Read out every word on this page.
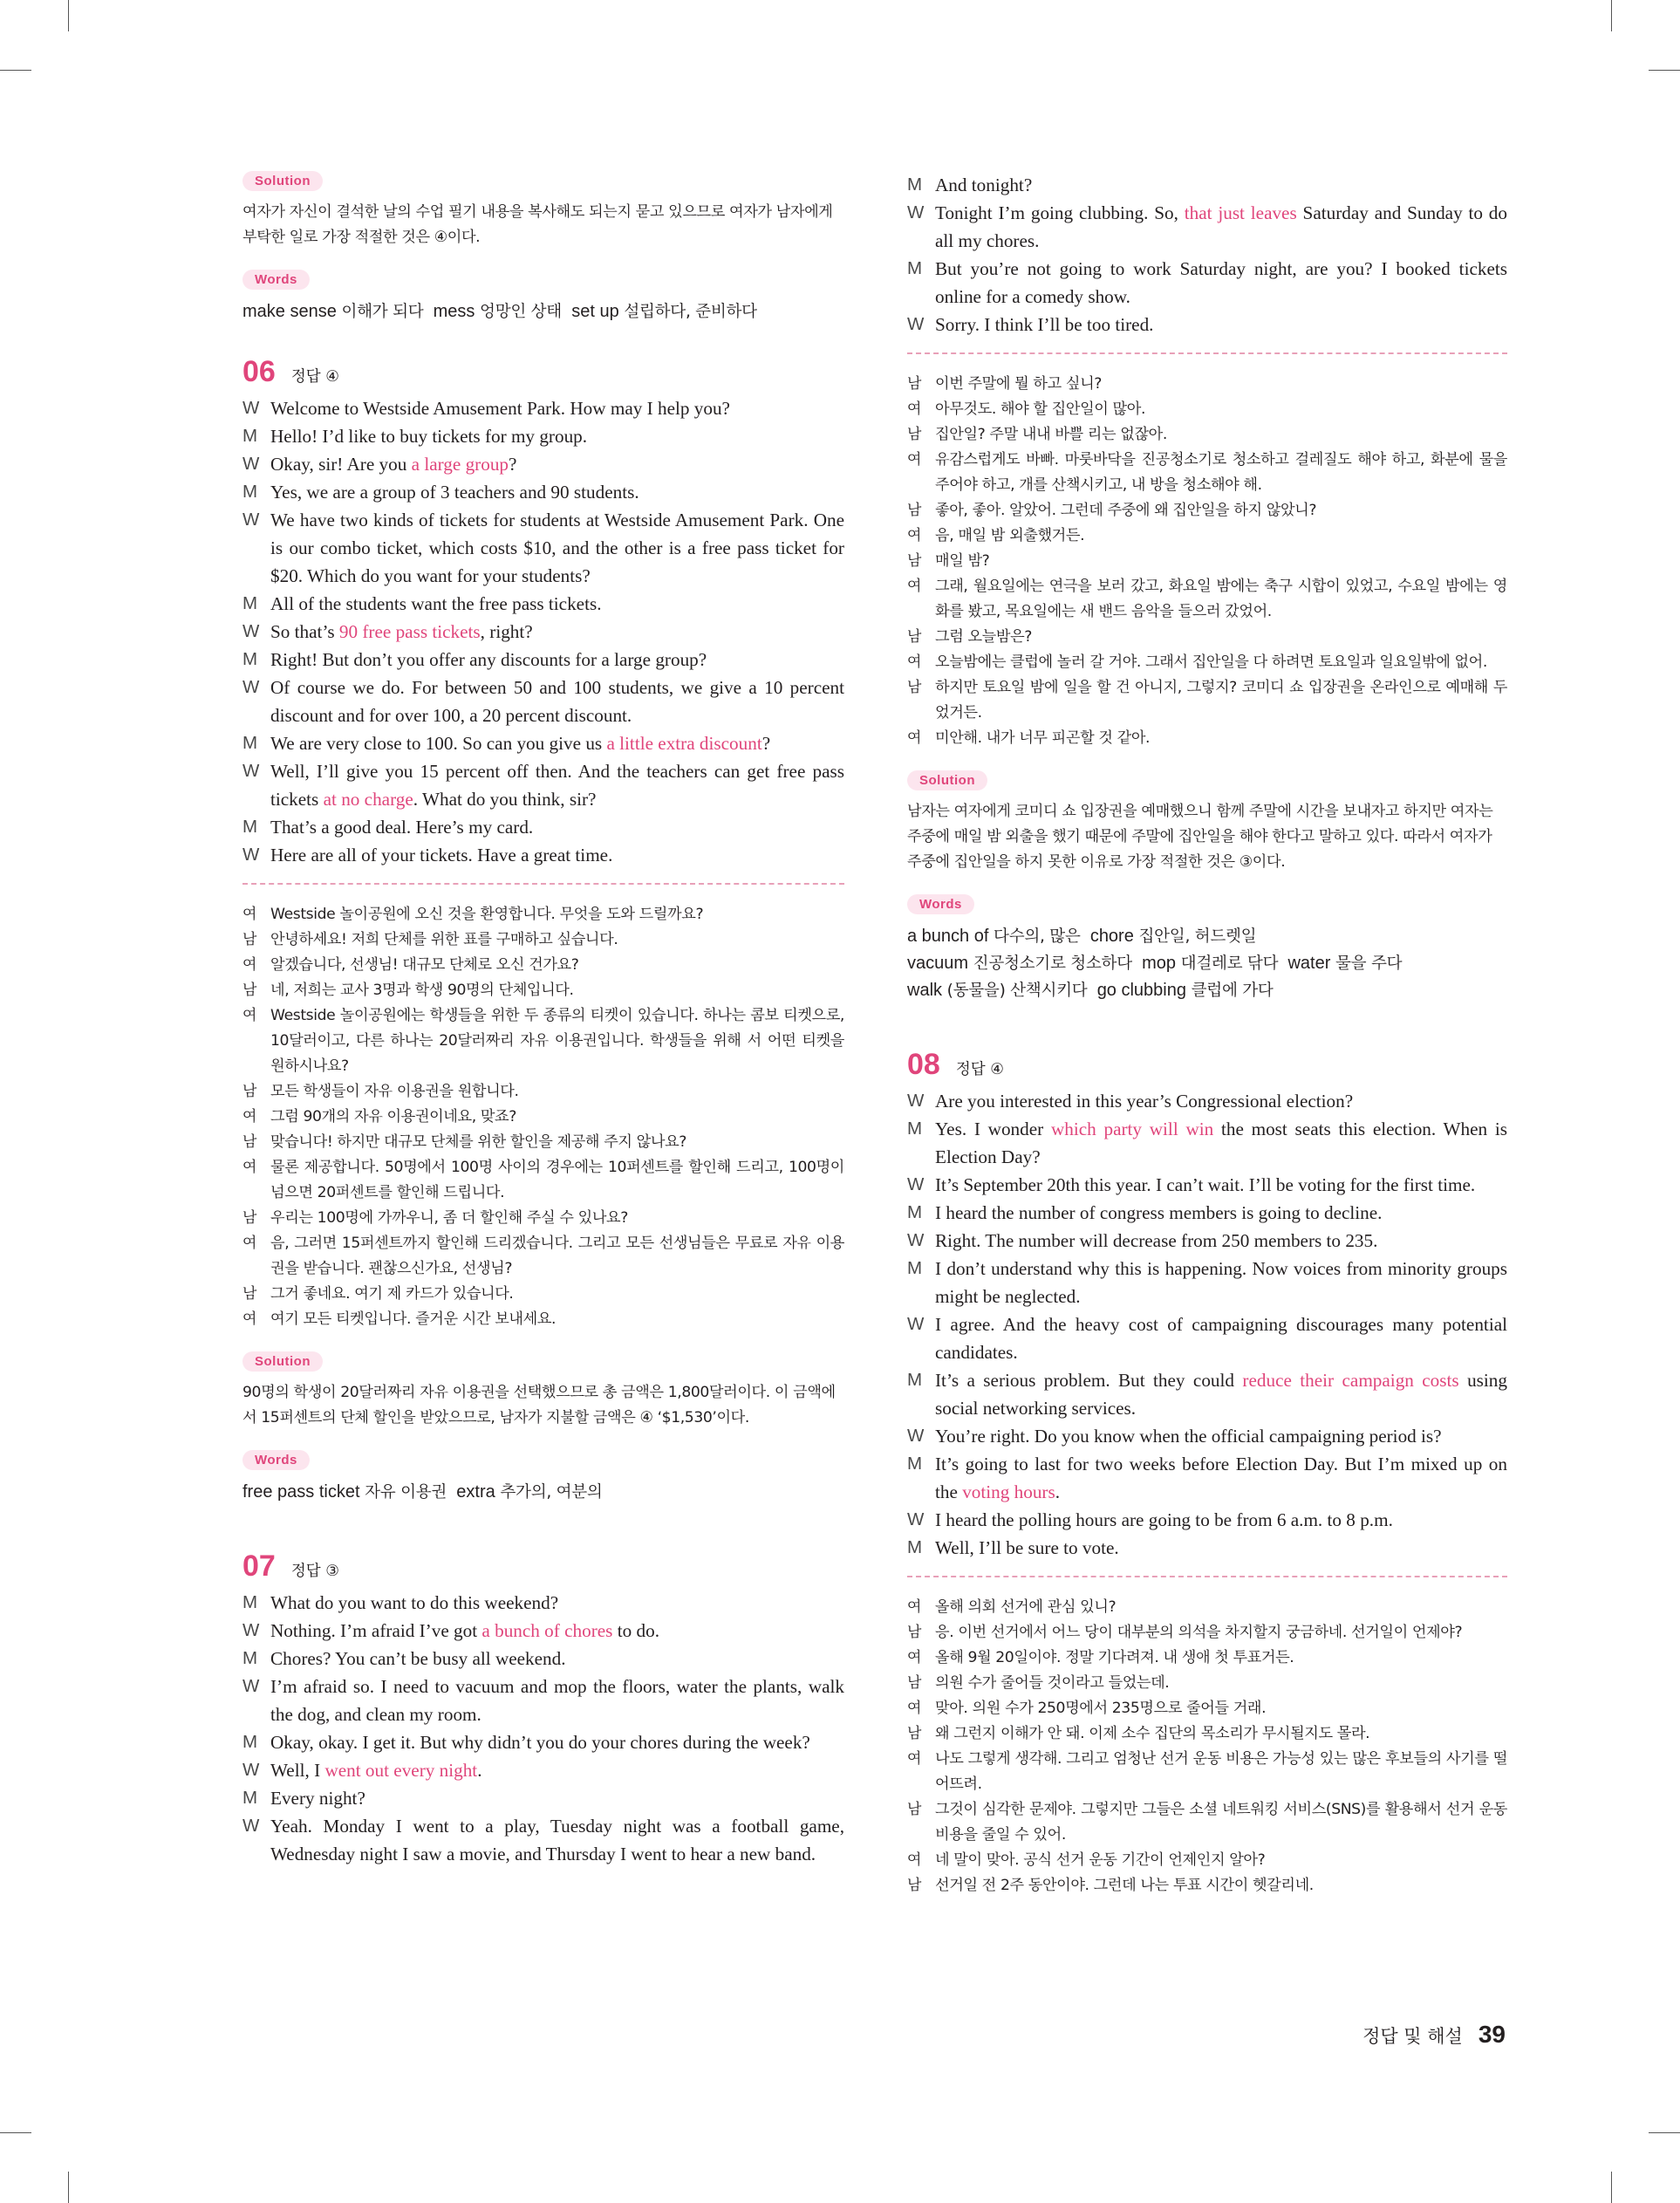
Solution
여자가 자신이 결석한 날의 수업 필기 내용을 복사해도 되는지 묻고 있으므로 여자가 남자에게 부탁한 일로 가장 적절한 것은 ④이다.
Words
make sense 이해가 되다 mess 엉망인 상태 set up 설립하다, 준비하다
06 정답 ④
W Welcome to Westside Amusement Park. How may I help you?
M Hello! I’d like to buy tickets for my group.
W Okay, sir! Are you a large group?
M Yes, we are a group of 3 teachers and 90 students.
W We have two kinds of tickets for students at Westside Amusement Park. One is our combo ticket, which costs $10, and the other is a free pass ticket for $20. Which do you want for your students?
M All of the students want the free pass tickets.
W So that’s 90 free pass tickets, right?
M Right! But don’t you offer any discounts for a large group?
W Of course we do. For between 50 and 100 students, we give a 10 percent discount and for over 100, a 20 percent discount.
M We are very close to 100. So can you give us a little extra discount?
W Well, I’ll give you 15 percent off then. And the teachers can get free pass tickets at no charge. What do you think, sir?
M That’s a good deal. Here’s my card.
W Here are all of your tickets. Have a great time.
여 Westside 놀이공원에 오신 것을 환영합니다. 무엇을 도와 드릴까요?
남 안녕하세요! 저희 단체를 위한 표를 구매하고 싶습니다.
여 알겠습니다, 선생님! 대규모 단체로 오신 건가요?
남 네, 저희는 교사 3명과 학생 90명의 단체입니다.
여 Westside 놀이공원에는 학생들을 위한 두 종류의 티켓이 있습니다. 하나는 콤보 티켓으로, 10달러이고, 다른 하나는 20달러짜리 자유 이용권입니다. 학생들을 위해 서 어떤 티켓을 원하시나요?
남 모든 학생들이 자유 이용권을 원합니다.
여 그럼 90개의 자유 이용권이네요, 맞죠?
남 맞습니다! 하지만 대규모 단체를 위한 할인을 제공해 주지 않나요?
여 물론 제공합니다. 50명에서 100명 사이의 경우에는 10퍼센트를 할인해 드리고, 100명이 넘으면 20퍼센트를 할인해 드립니다.
남 우리는 100명에 가까우니, 좀 더 할인해 주실 수 있나요?
여 음, 그러면 15퍼센트까지 할인해 드리겠습니다. 그리고 모든 선생님들은 무료로 자유 이용권을 받습니다. 괜찮으신가요, 선생님?
남 그거 좋네요. 여기 제 카드가 있습니다.
여 여기 모든 티켓입니다. 즐거운 시간 보내세요.
Solution
90명의 학생이 20달러짜리 자유 이용권을 선택했으므로 총 금액은 1,800달러이다. 이 금액에서 15퍼센트의 단체 할인을 받았으므로, 남자가 지불할 금액은 ④ ‘$1,530’이다.
Words
free pass ticket 자유 이용권 extra 추가의, 여분의
07 정답 ③
M What do you want to do this weekend?
W Nothing. I’m afraid I’ve got a bunch of chores to do.
M Chores? You can’t be busy all weekend.
W I’m afraid so. I need to vacuum and mop the floors, water the plants, walk the dog, and clean my room.
M Okay, okay. I get it. But why didn’t you do your chores during the week?
W Well, I went out every night.
M Every night?
W Yeah. Monday I went to a play, Tuesday night was a football game, Wednesday night I saw a movie, and Thursday I went to hear a new band.
M And tonight?
W Tonight I’m going clubbing. So, that just leaves Saturday and Sunday to do all my chores.
M But you’re not going to work Saturday night, are you? I booked tickets online for a comedy show.
W Sorry. I think I’ll be too tired.
남 이번 주말에 뭘 하고 싶니?
여 아무것도. 해야 할 집안일이 많아.
남 집안일? 주말 내내 바쁠 리는 없잖아.
여 유감스럽게도 바빠. 마룻바닥을 진공청소기로 청소하고 걸레질도 해야 하고, 화분에 물을 주어야 하고, 개를 산책시키고, 내 방을 청소해야 해.
남 좋아, 좋아. 알았어. 그런데 주중에 왜 집안일을 하지 않았니?
여 음, 매일 밤 외출했거든.
남 매일 밤?
여 그래, 월요일에는 연극을 보러 갔고, 화요일 밤에는 축구 시합이 있었고, 수요일 밤에는 영화를 봤고, 목요일에는 새 밴드 음악을 들으러 갔었어.
남 그럼 오늘밤은?
여 오늘밤에는 클럽에 놀러 갈 거야. 그래서 집안일을 다 하려면 토요일과 일요일밖에 없어.
남 하지만 토요일 밤에 일을 할 건 아니지, 그렇지? 코미디 쇼 입장권을 온라인으로 예매해 두었거든.
여 미안해. 내가 너무 피곤할 것 같아.
Solution
남자는 여자에게 코미디 쇼 입장권을 예매했으니 함께 주말에 시간을 보내자고 하지만 여자는 주중에 매일 밤 외출을 했기 때문에 주말에 집안일을 해야 한다고 말하고 있다. 따라서 여자가 주중에 집안일을 하지 못한 이유로 가장 적절한 것은 ③이다.
Words
a bunch of 다수의, 많은 chore 집안일, 허드렛일
vacuum 진공청소기로 청소하다 mop 대걸레로 닦다 water 물을 주다
walk (동물을) 산책시키다 go clubbing 클럽에 가다
08 정답 ④
W Are you interested in this year’s Congressional election?
M Yes. I wonder which party will win the most seats this election. When is Election Day?
W It’s September 20th this year. I can’t wait. I’ll be voting for the first time.
M I heard the number of congress members is going to decline.
W Right. The number will decrease from 250 members to 235.
M I don’t understand why this is happening. Now voices from minority groups might be neglected.
W I agree. And the heavy cost of campaigning discourages many potential candidates.
M It’s a serious problem. But they could reduce their campaign costs using social networking services.
W You’re right. Do you know when the official campaigning period is?
M It’s going to last for two weeks before Election Day. But I’m mixed up on the voting hours.
W I heard the polling hours are going to be from 6 a.m. to 8 p.m.
M Well, I’ll be sure to vote.
여 올해 의회 선거에 관심 있니?
남 응. 이번 선거에서 어느 당이 대부분의 의석을 차지할지 궁금하네. 선거일이 언제야?
여 올해 9월 20일이야. 정말 기다려져. 내 생애 첫 투표거든.
남 의원 수가 줄어들 것이라고 들었는데.
여 맞아. 의원 수가 250명에서 235명으로 줄어들 거래.
남 왜 그런지 이해가 안 돼. 이제 소수 집단의 목소리가 무시될지도 몰라.
여 나도 그렇게 생각해. 그리고 엄청난 선거 운동 비용은 가능성 있는 많은 후보들의 사기를 떨어뜨려.
남 그것이 심각한 문제야. 그렇지만 그들은 소셜 네트워킹 서비스(SNS)를 활용해서 선거 운동 비용을 줄일 수 있어.
여 네 말이 맞아. 공식 선거 운동 기간이 언제인지 알아?
남 선거일 전 2주 동안이야. 그런데 나는 투표 시간이 헷갈리네.
정답 및 해설 39
